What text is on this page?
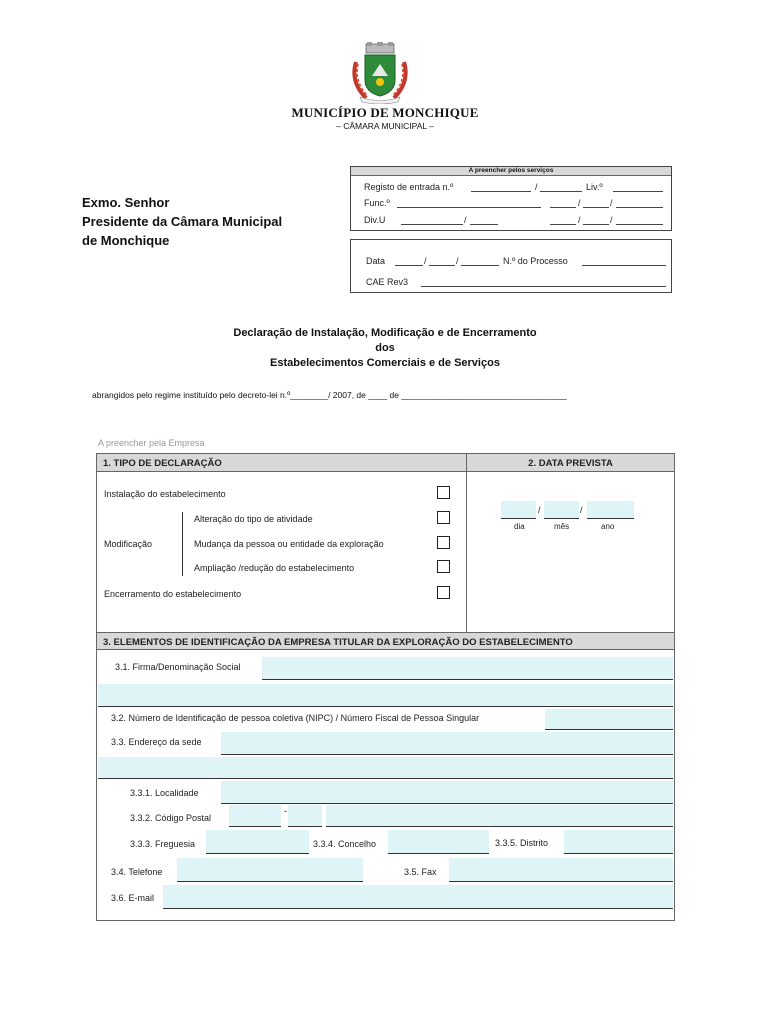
MUNICÍPIO DE MONCHIQUE
– CÂMARA MUNICIPAL –
A preencher pelos serviços
Registo de entrada n.º	/	Liv.º
Func.º	/	/
Div.U	/	/	/
Data	/	/	N.º do Processo
CAE Rev3
Exmo. Senhor
Presidente da Câmara Municipal
de Monchique
Declaração de Instalação, Modificação e de Encerramento
dos
Estabelecimentos Comerciais e de Serviços
abrangidos pelo regime instituído pelo decreto-lei n.º________/ 2007, de ____ de ___________________________________
A preencher pela Empresa
1. TIPO DE DECLARAÇÃO	2. DATA PREVISTA
Instalação do estabelecimento
Modificação
Alteração do tipo de atividade
Mudança da pessoa ou entidade da exploração
Ampliação /redução do estabelecimento
Encerramento do estabelecimento
/	/
dia	mês	ano
3. ELEMENTOS DE IDENTIFICAÇÃO DA EMPRESA TITULAR DA EXPLORAÇÃO DO ESTABELECIMENTO
3.1. Firma/Denominação Social
3.2. Número de Identificação de pessoa coletiva (NIPC) / Número Fiscal de Pessoa Singular
3.3. Endereço da sede
3.3.1. Localidade
3.3.2. Código Postal
-
3.3.3. Freguesia	3.3.4. Concelho	3.3.5. Distrito
3.4. Telefone	3.5. Fax
3.6. E-mail
